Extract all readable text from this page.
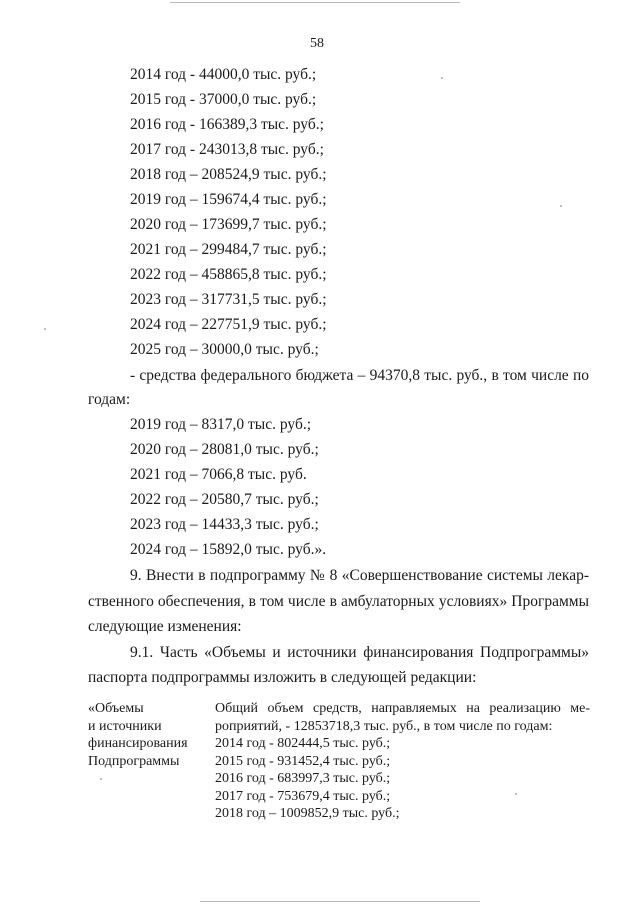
58
2014 год - 44000,0 тыс. руб.;
2015 год - 37000,0 тыс. руб.;
2016 год - 166389,3 тыс. руб.;
2017 год - 243013,8 тыс. руб.;
2018 год – 208524,9 тыс. руб.;
2019 год – 159674,4 тыс. руб.;
2020 год – 173699,7 тыс. руб.;
2021 год – 299484,7 тыс. руб.;
2022 год – 458865,8 тыс. руб.;
2023 год – 317731,5 тыс. руб.;
2024 год – 227751,9 тыс. руб.;
2025 год – 30000,0 тыс. руб.;
- средства федерального бюджета – 94370,8 тыс. руб., в том числе по
годам:
2019 год – 8317,0 тыс. руб.;
2020 год – 28081,0 тыс. руб.;
2021 год – 7066,8 тыс. руб.
2022 год – 20580,7 тыс. руб.;
2023 год – 14433,3 тыс. руб.;
2024 год – 15892,0 тыс. руб.».
9. Внести в подпрограмму № 8 «Совершенствование системы лекар-
ственного обеспечения, в том числе в амбулаторных условиях» Программы
следующие изменения:
9.1. Часть «Объемы и источники финансирования Подпрограммы»
паспорта подпрограммы изложить в следующей редакции:
«Объемы
и источники
финансирования
Подпрограммы
Общий объем средств, направляемых на реализацию ме-
роприятий, - 12853718,3 тыс. руб., в том числе по годам:
2014 год - 802444,5 тыс. руб.;
2015 год - 931452,4 тыс. руб.;
2016 год - 683997,3 тыс. руб.;
2017 год - 753679,4 тыс. руб.;
2018 год – 1009852,9 тыс. руб.;
